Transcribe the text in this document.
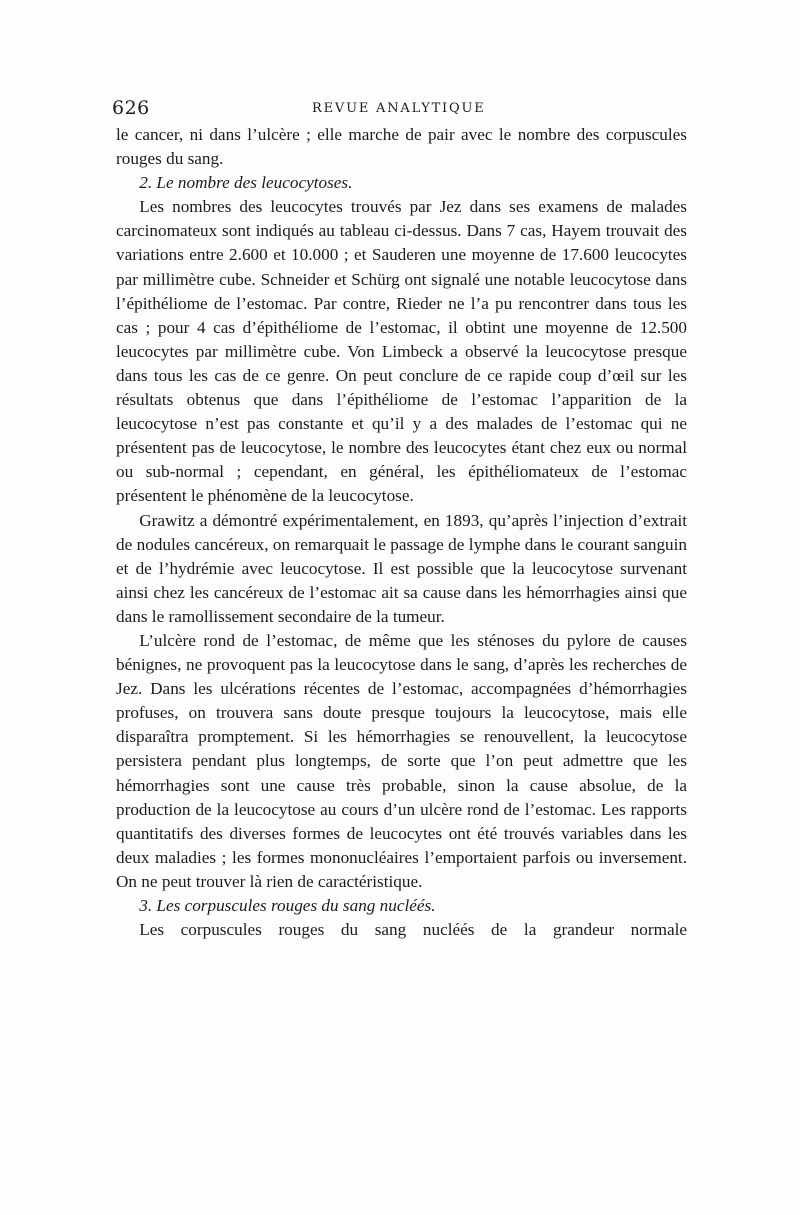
626	REVUE ANALYTIQUE

le cancer, ni dans l’ulcère ; elle marche de pair avec le nombre des corpuscules rouges du sang.

2. Le nombre des leucocytoses.

Les nombres des leucocytes trouvés par Jez dans ses examens de malades carcinomateux sont indiqués au tableau ci-dessus. Dans 7 cas, Hayem trouvait des variations entre 2.600 et 10.000 ; et Sauderen une moyenne de 17.600 leucocytes par millimètre cube. Schneider et Schürg ont signalé une notable leucocytose dans l’épithéliome de l’estomac. Par contre, Rieder ne l’a pu rencontrer dans tous les cas ; pour 4 cas d’épithéliome de l’estomac, il obtint une moyenne de 12.500 leucocytes par millimètre cube. Von Limbeck a observé la leucocytose presque dans tous les cas de ce genre. On peut conclure de ce rapide coup d’œil sur les résultats obtenus que dans l’épithéliome de l’estomac l’apparition de la leucocytose n’est pas constante et qu’il y a des malades de l’estomac qui ne présentent pas de leucocytose, le nombre des leucocytes étant chez eux ou normal ou sub-normal ; cependant, en général, les épithéliomateux de l’estomac présentent le phénomène de la leucocytose.

Grawitz a démontré expérimentalement, en 1893, qu’après l’injection d’extrait de nodules cancéreux, on remarquait le passage de lymphe dans le courant sanguin et de l’hydrémie avec leucocytose. Il est possible que la leucocytose survenant ainsi chez les cancéreux de l’estomac ait sa cause dans les hémorrhagies ainsi que dans le ramollissement secondaire de la tumeur.

L’ulcère rond de l’estomac, de même que les sténoses du pylore de causes bénignes, ne provoquent pas la leucocytose dans le sang, d’après les recherches de Jez. Dans les ulcérations récentes de l’estomac, accompagnées d’hémorrhagies profuses, on trouvera sans doute presque toujours la leucocytose, mais elle disparaîtra promptement. Si les hémorrhagies se renouvellent, la leucocytose persistera pendant plus longtemps, de sorte que l’on peut admettre que les hémorrhagies sont une cause très probable, sinon la cause absolue, de la production de la leucocytose au cours d’un ulcère rond de l’estomac. Les rapports quantitatifs des diverses formes de leucocytes ont été trouvés variables dans les deux maladies ; les formes mononucléaires l’emportaient parfois ou inversement. On ne peut trouver là rien de caractéristique.

3. Les corpuscules rouges du sang nucléés.

Les corpuscules rouges du sang nucléés de la grandeur normale
